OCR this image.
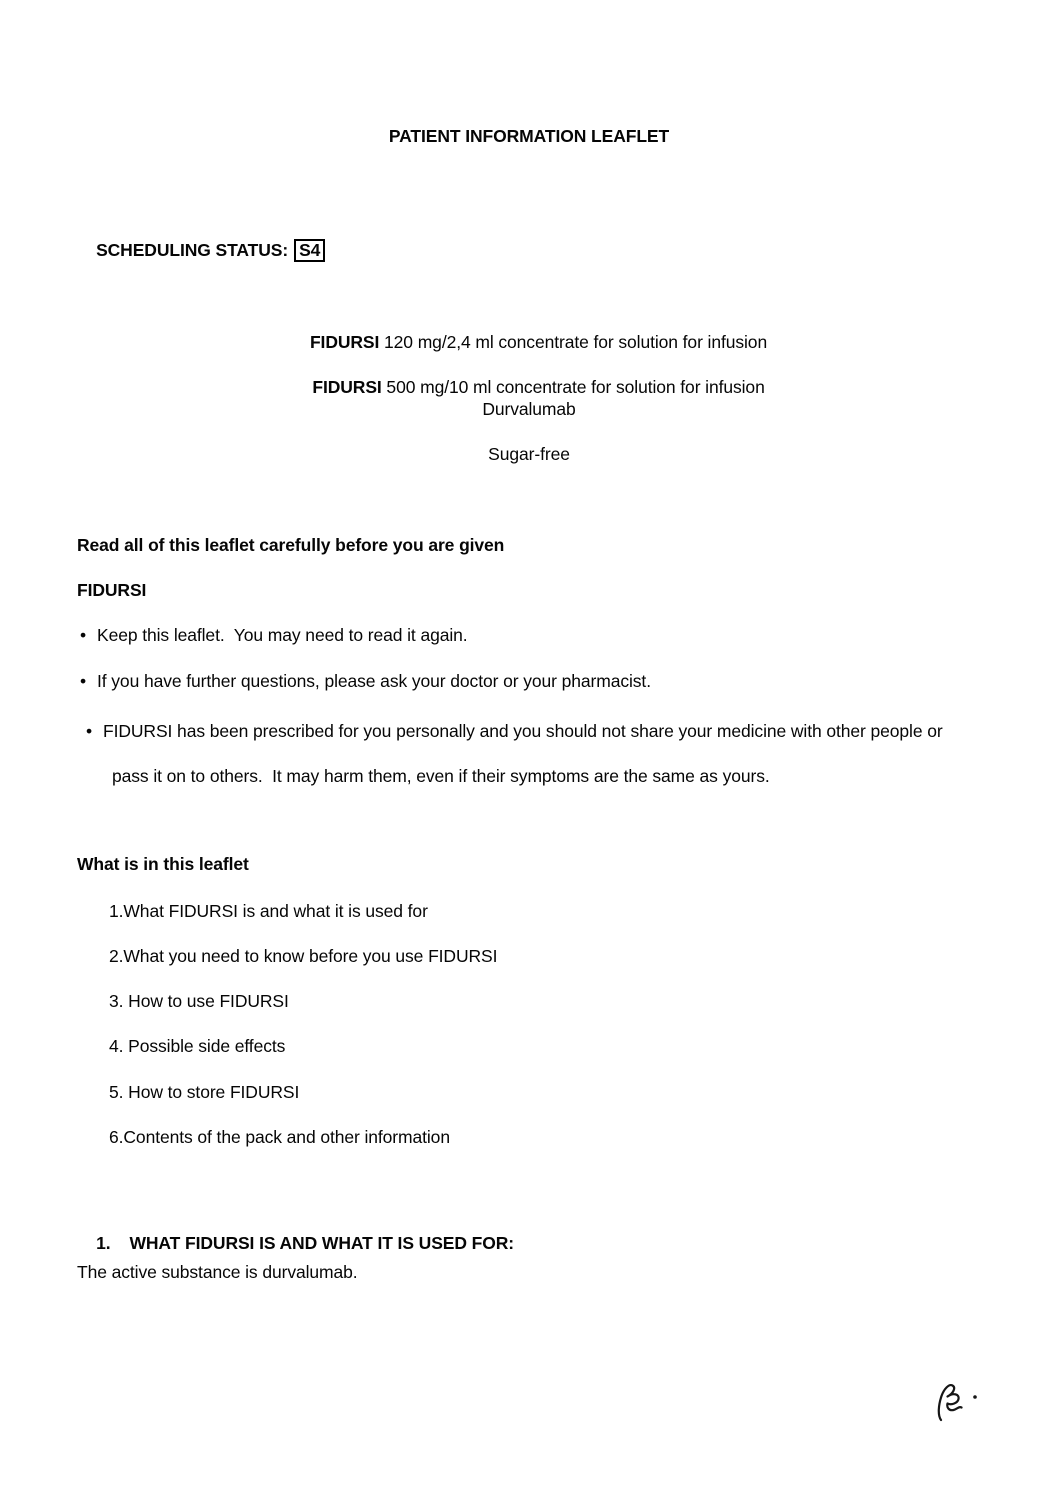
PATIENT INFORMATION LEAFLET

SCHEDULING STATUS: S4

FIDURSI 120 mg/2,4 ml concentrate for solution for infusion

FIDURSI 500 mg/10 ml concentrate for solution for infusion

Durvalumab
Sugar-free
Read all of this leaflet carefully before you are given
FIDURSI
•
Keep this leaflet.  You may need to read it again.
•
If you have further questions, please ask your doctor or your pharmacist.
•
FIDURSI has been prescribed for you personally and you should not share your medicine with other people or pass it on to others.  It may harm them, even if their symptoms are the same as yours.
What is in this leaflet
1.What FIDURSI is and what it is used for
2.What you need to know before you use FIDURSI
3. How to use FIDURSI
4. Possible side effects
5. How to store FIDURSI
6.Contents of the pack and other information

1. WHAT FIDURSI IS AND WHAT IT IS USED FOR:

The active substance is durvalumab.
